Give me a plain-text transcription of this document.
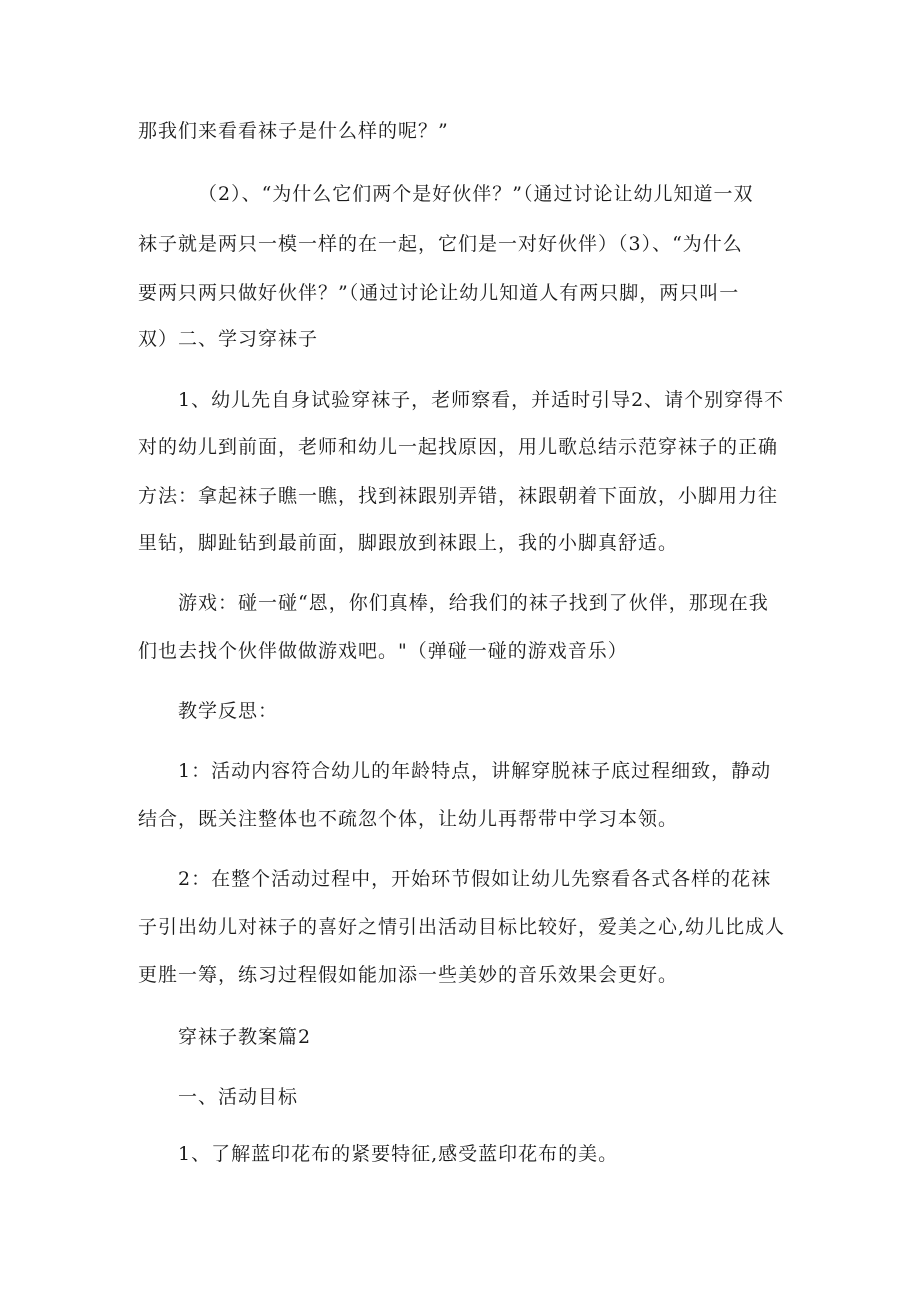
那我们来看看袜子是什么样的呢？”
（2）、“为什么它们两个是好伙伴？”（通过讨论让幼儿知道一双
袜子就是两只一模一样的在一起，它们是一对好伙伴）（3）、“为什么
要两只两只做好伙伴？”（通过讨论让幼儿知道人有两只脚，两只叫一
双）二、学习穿袜子
1、幼儿先自身试验穿袜子，老师察看，并适时引导2、请个别穿得不
对的幼儿到前面，老师和幼儿一起找原因，用儿歌总结示范穿袜子的正确
方法：拿起袜子瞧一瞧，找到袜跟别弄错，袜跟朝着下面放，小脚用力往
里钻，脚趾钻到最前面，脚跟放到袜跟上，我的小脚真舒适。
游戏：碰一碰“恩，你们真棒，给我们的袜子找到了伙伴，那现在我
们也去找个伙伴做做游戏吧。"（弹碰一碰的游戏音乐）
教学反思：
1：活动内容符合幼儿的年龄特点，讲解穿脱袜子底过程细致，静动
结合，既关注整体也不疏忽个体，让幼儿再帮带中学习本领。
2：在整个活动过程中，开始环节假如让幼儿先察看各式各样的花袜
子引出幼儿对袜子的喜好之情引出活动目标比较好，爱美之心,幼儿比成人
更胜一筹，练习过程假如能加添一些美妙的音乐效果会更好。
穿袜子教案篇2
一、活动目标
1、了解蓝印花布的紧要特征,感受蓝印花布的美。
